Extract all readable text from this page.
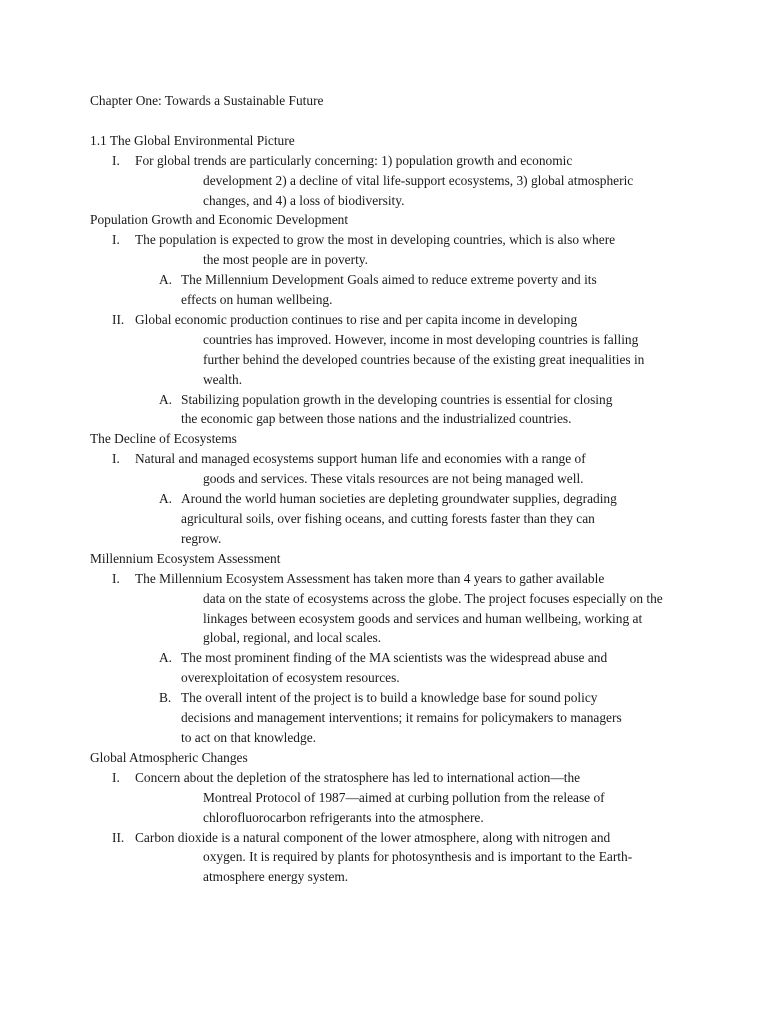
Chapter One: Towards a Sustainable Future
1.1 The Global Environmental Picture
I. For global trends are particularly concerning: 1) population growth and economic
development 2) a decline of vital life-support ecosystems, 3) global atmospheric
changes, and 4) a loss of biodiversity.
Population Growth and Economic Development
I. The population is expected to grow the most in developing countries, which is also where
the most people are in poverty.
A. The Millennium Development Goals aimed to reduce extreme poverty and its
effects on human wellbeing.
II. Global economic production continues to rise and per capita income in developing
countries has improved. However, income in most developing countries is falling
further behind the developed countries because of the existing great inequalities in
wealth.
A. Stabilizing population growth in the developing countries is essential for closing
the economic gap between those nations and the industrialized countries.
The Decline of Ecosystems
I. Natural and managed ecosystems support human life and economies with a range of
goods and services. These vitals resources are not being managed well.
A. Around the world human societies are depleting groundwater supplies, degrading
agricultural soils, over fishing oceans, and cutting forests faster than they can
regrow.
Millennium Ecosystem Assessment
I. The Millennium Ecosystem Assessment has taken more than 4 years to gather available
data on the state of ecosystems across the globe. The project focuses especially on the
linkages between ecosystem goods and services and human wellbeing, working at
global, regional, and local scales.
A. The most prominent finding of the MA scientists was the widespread abuse and
overexploitation of ecosystem resources.
B. The overall intent of the project is to build a knowledge base for sound policy
decisions and management interventions; it remains for policymakers to managers
to act on that knowledge.
Global Atmospheric Changes
I. Concern about the depletion of the stratosphere has led to international action—the
Montreal Protocol of 1987—aimed at curbing pollution from the release of
chlorofluorocarbon refrigerants into the atmosphere.
II. Carbon dioxide is a natural component of the lower atmosphere, along with nitrogen and
oxygen. It is required by plants for photosynthesis and is important to the Earth-
atmosphere energy system.
